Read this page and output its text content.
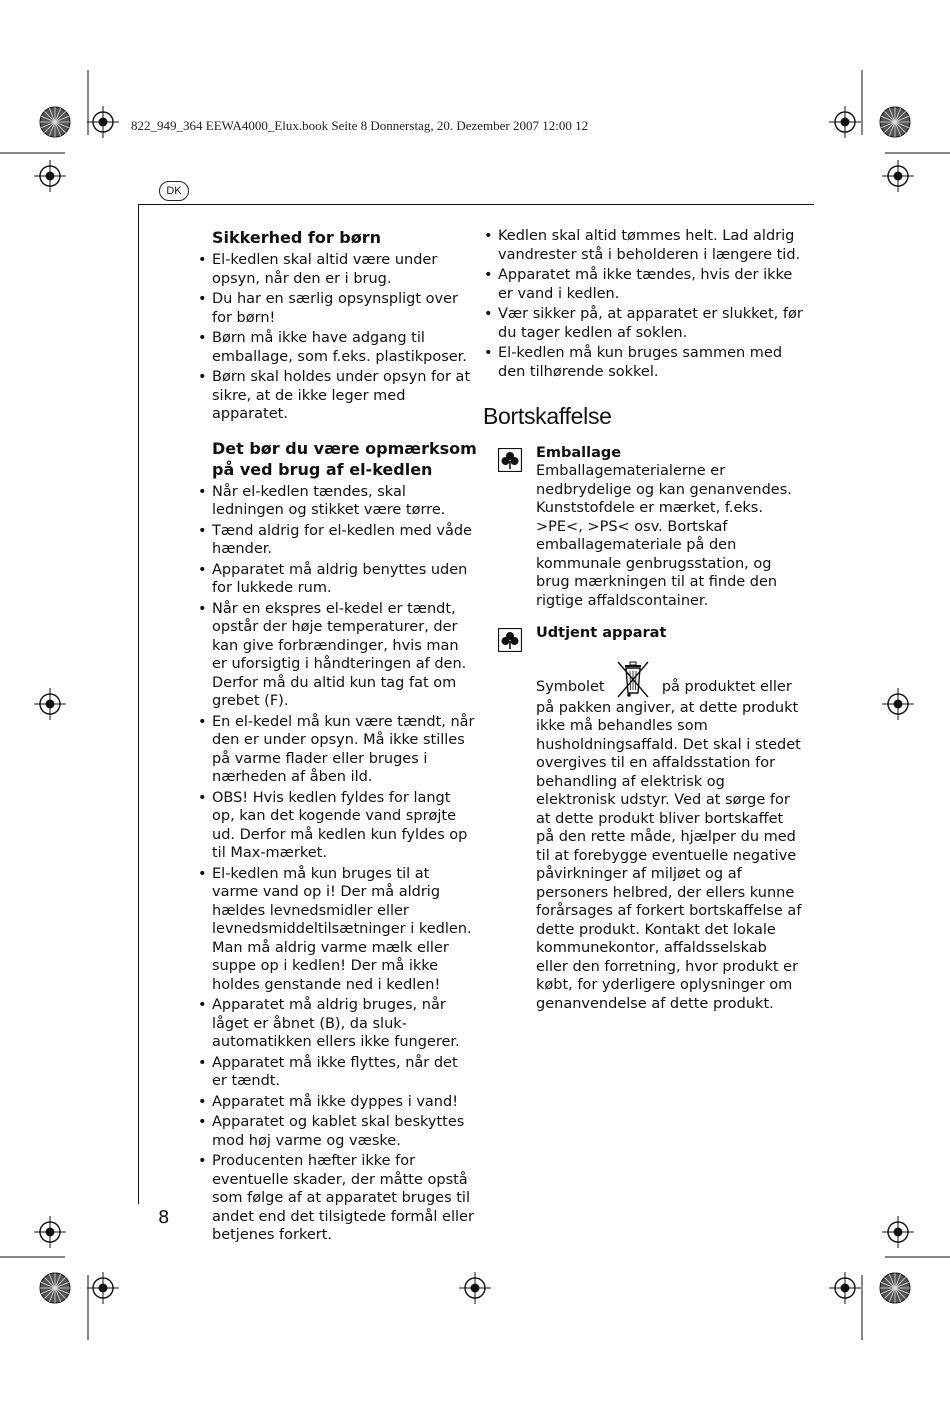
822_949_364 EEWA4000_Elux.book Seite 8 Donnerstag, 20. Dezember 2007 12:00 12
DK
Sikkerhed for børn
• El-kedlen skal altid være under opsyn, når den er i brug.
• Du har en særlig opsynspligt over for børn!
• Børn må ikke have adgang til emballage, som f.eks. plastikposer.
• Børn skal holdes under opsyn for at sikre, at de ikke leger med apparatet.
Det bør du være opmærksom på ved brug af el-kedlen
• Når el-kedlen tændes, skal ledningen og stikket være tørre.
• Tænd aldrig for el-kedlen med våde hænder.
• Apparatet må aldrig benyttes uden for lukkede rum.
• Når en ekspres el-kedel er tændt, opstår der høje temperaturer, der kan give forbrændinger, hvis man er uforsigtig i håndteringen af den. Derfor må du altid kun tag fat om grebet (F).
• En el-kedel må kun være tændt, når den er under opsyn. Må ikke stilles på varme flader eller bruges i nærheden af åben ild.
• OBS! Hvis kedlen fyldes for langt op, kan det kogende vand sprøjte ud. Derfor må kedlen kun fyldes op til Max-mærket.
• El-kedlen må kun bruges til at varme vand op i! Der må aldrig hældes levnedsmidler eller levnedsmiddeltilsætninger i kedlen. Man må aldrig varme mælk eller suppe op i kedlen! Der må ikke holdes genstande ned i kedlen!
• Apparatet må aldrig bruges, når låget er åbnet (B), da sluk-automatikken ellers ikke fungerer.
• Apparatet må ikke flyttes, når det er tændt.
• Apparatet må ikke dyppes i vand!
• Apparatet og kablet skal beskyttes mod høj varme og væske.
• Producenten hæfter ikke for eventuelle skader, der måtte opstå som følge af at apparatet bruges til andet end det tilsigtede formål eller betjenes forkert.
• Kedlen skal altid tømmes helt. Lad aldrig vandrester stå i beholderen i længere tid.
• Apparatet må ikke tændes, hvis der ikke er vand i kedlen.
• Vær sikker på, at apparatet er slukket, før du tager kedlen af soklen.
• El-kedlen må kun bruges sammen med den tilhørende sokkel.
Bortskaffelse
Emballage
Emballagematerialerne er nedbrydelige og kan genanvendes. Kunststofdele er mærket, f.eks. >PE<, >PS< osv. Bortskaf emballagemateriale på den kommunale genbrugsstation, og brug mærkningen til at finde den rigtige affaldscontainer.
Udtjent apparat
Symbolet	på produktet eller på pakken angiver, at dette produkt ikke må behandles som husholdningsaffald. Det skal i stedet overgives til en affaldsstation for behandling af elektrisk og elektronisk udstyr. Ved at sørge for at dette produkt bliver bortskaffet på den rette måde, hjælper du med til at forebygge eventuelle negative påvirkninger af miljøet og af personers helbred, der ellers kunne forårsages af forkert bortskaffelse af dette produkt. Kontakt det lokale kommunekontor, affaldsselskab eller den forretning, hvor produkt er købt, for yderligere oplysninger om genanvendelse af dette produkt.
8
